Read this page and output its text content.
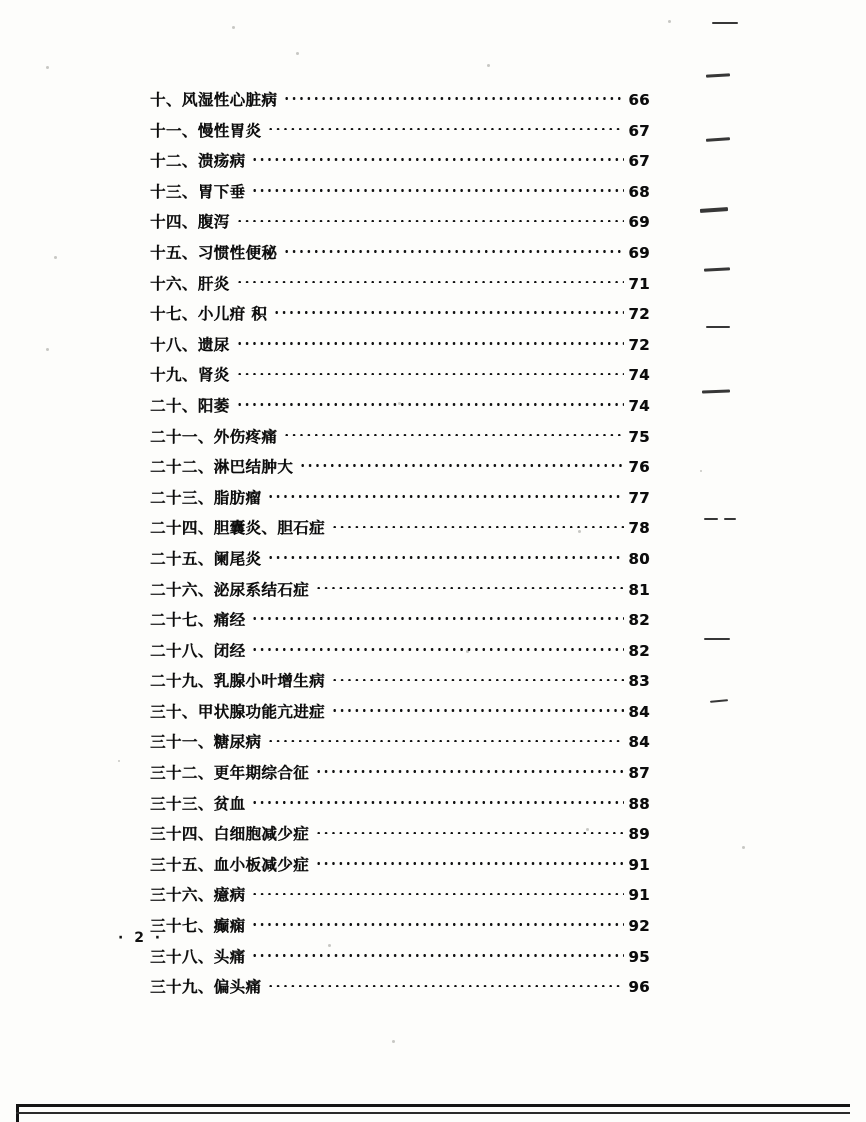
十、风湿性心脏病	66
十一、慢性胃炎	67
十二、溃疡病	67
十三、胃下垂	68
十四、腹泻	69
十五、习惯性便秘	69
十六、肝炎	71
十七、小儿疳 积	72
十八、遗尿	72
十九、肾炎	74
二十、阳萎	74
二十一、外伤疼痛	75
二十二、淋巴结肿大	76
二十三、脂肪瘤	77
二十四、胆囊炎、胆石症	78
二十五、阑尾炎	80
二十六、泌尿系结石症	81
二十七、痛经	82
二十八、闭经	82
二十九、乳腺小叶增生病	83
三十、甲状腺功能亢进症	84
三十一、糖尿病	84
三十二、更年期综合征	87
三十三、贫血	88
三十四、白细胞减少症	89
三十五、血小板减少症	91
三十六、癔病	91
三十七、癫痫	92
三十八、头痛	95
三十九、偏头痛	96
· 2 ·
